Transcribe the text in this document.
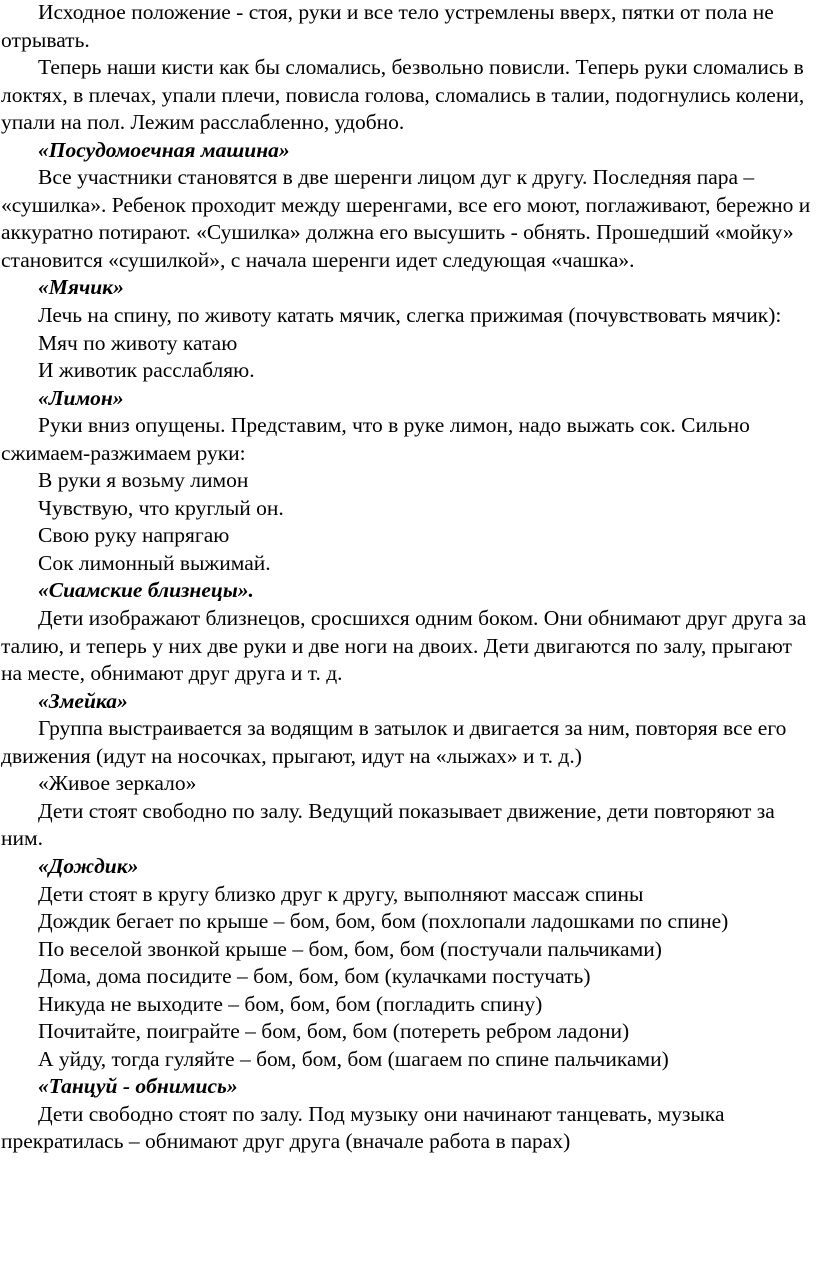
Исходное положение - стоя, руки и все тело устремлены вверх, пятки от пола не отрывать.

Теперь наши кисти как бы сломались, безвольно повисли. Теперь руки сломались в локтях, в плечах, упали плечи, повисла голова, сломались в талии, подогнулись колени, упали на пол. Лежим расслабленно, удобно.

«Посудомоечная машина»

Все участники становятся в две шеренги лицом дуг к другу. Последняя пара – «сушилка». Ребенок проходит между шеренгами, все его моют, поглаживают, бережно и аккуратно потирают. «Сушилка» должна его высушить - обнять. Прошедший «мойку» становится «сушилкой», с начала шеренги идет следующая «чашка».

«Мячик»

Лечь на спину, по животу катать мячик, слегка прижимая (почувствовать мячик):

Мяч по животу катаю

И животик расслабляю.

«Лимон»

Руки вниз опущены. Представим, что в руке лимон, надо выжать сок. Сильно сжимаем-разжимаем руки:

В руки я возьму лимон

Чувствую, что круглый он.

Свою руку напрягаю

Сок лимонный выжимай.

«Сиамские близнецы».

Дети изображают близнецов, сросшихся одним боком. Они обнимают друг друга за талию, и теперь у них две руки и две ноги на двоих. Дети двигаются по залу, прыгают на месте, обнимают друг друга и т. д.

«Змейка»

Группа выстраивается за водящим в затылок и двигается за ним, повторяя все его движения (идут на носочках, прыгают, идут на «лыжах» и т. д.)

«Живое зеркало»

Дети стоят свободно по залу. Ведущий показывает движение, дети повторяют за ним.

«Дождик»

Дети стоят в кругу близко друг к другу, выполняют массаж спины

Дождик бегает по крыше – бом, бом, бом (похлопали ладошками по спине)

По веселой звонкой крыше – бом, бом, бом (постучали пальчиками)

Дома, дома посидите – бом, бом, бом (кулачками постучать)

Никуда не выходите – бом, бом, бом (погладить спину)

Почитайте, поиграйте – бом, бом, бом (потереть ребром ладони)

А уйду, тогда гуляйте – бом, бом, бом (шагаем по спине пальчиками)

«Танцуй - обнимись»

Дети свободно стоят по залу. Под музыку они начинают танцевать, музыка прекратилась – обнимают друг друга (вначале работа в парах)
